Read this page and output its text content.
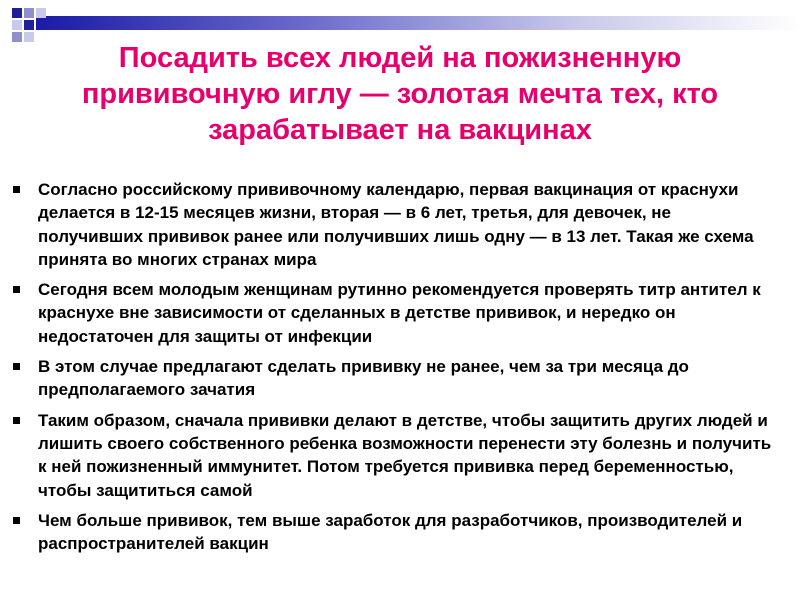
Посадить всех людей на пожизненную прививочную иглу — золотая мечта тех, кто зарабатывает на вакцинах
Согласно российскому прививочному календарю, первая вакцинация от краснухи делается в 12-15 месяцев жизни, вторая — в 6 лет, третья, для девочек, не получивших прививок ранее или получивших лишь одну — в 13 лет. Такая же схема принята во многих странах мира
Сегодня всем молодым женщинам рутинно рекомендуется проверять титр антител к краснухе вне зависимости от сделанных в детстве прививок, и нередко он недостаточен для защиты от инфекции
В этом случае предлагают сделать прививку не ранее, чем за три месяца до предполагаемого зачатия
Таким образом, сначала прививки делают в детстве, чтобы защитить других людей и лишить своего собственного ребенка возможности перенести эту болезнь и получить к ней пожизненный иммунитет. Потом требуется прививка перед беременностью, чтобы защититься самой
Чем больше прививок, тем выше заработок для разработчиков, производителей и распространителей вакцин
